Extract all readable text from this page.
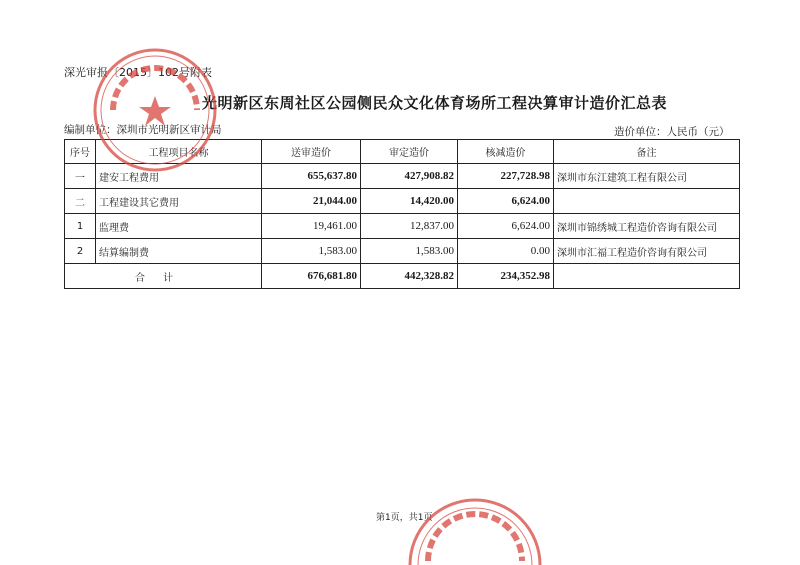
深光审报〔2015〕102号附表
光明新区东周社区公园侧民众文化体育场所工程决算审计造价汇总表
编制单位：深圳市光明新区审计局	造价单位：人民币（元）
序号	工程项目名称	送审造价	审定造价	核减造价	备注
一	建安工程费用	655,637.80	427,908.82	227,728.98	深圳市东江建筑工程有限公司
二	工程建设其它费用	21,044.00	14,420.00	6,624.00	
1	监理费	19,461.00	12,837.00	6,624.00	深圳市锦绣城工程造价咨询有限公司
2	结算编制费	1,583.00	1,583.00	0.00	深圳市汇福工程造价咨询有限公司
合计		676,681.80	442,328.82	234,352.98	
第1页，共1页
